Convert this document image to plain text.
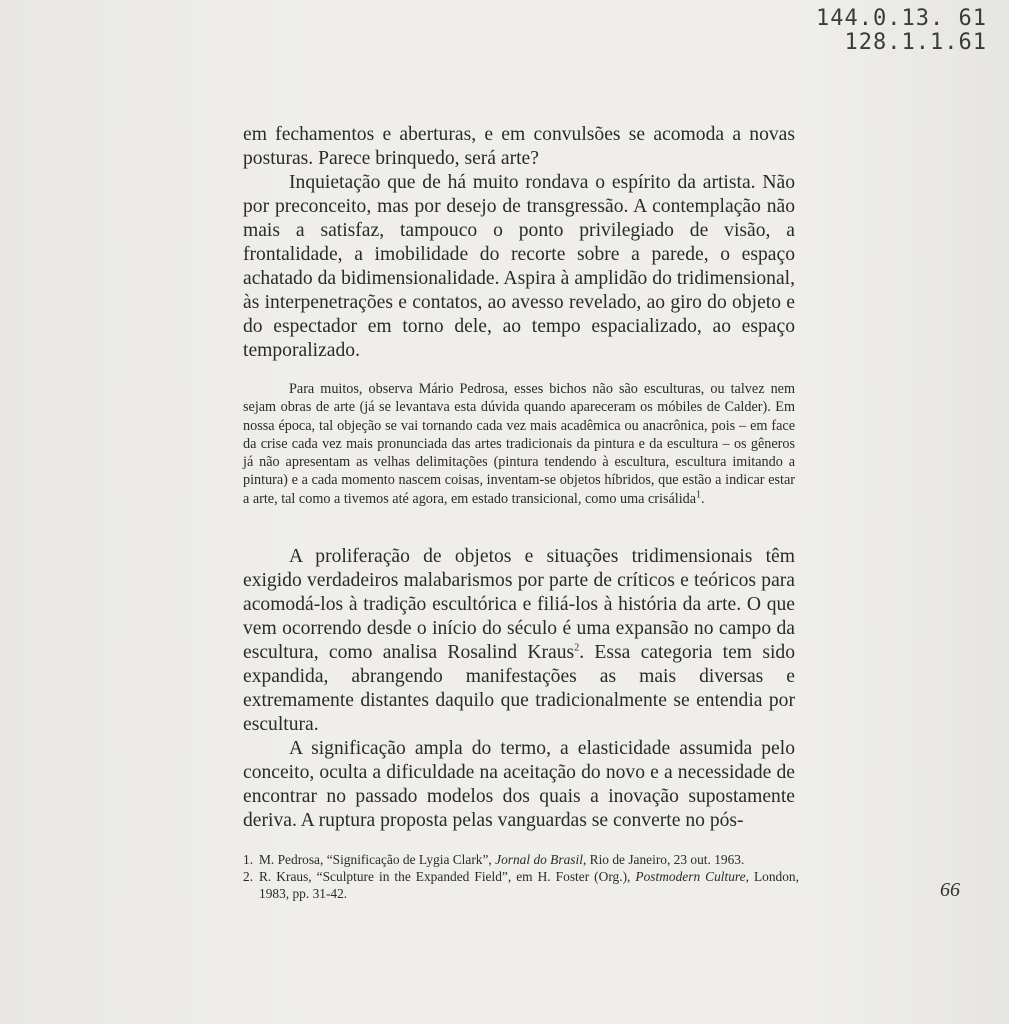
144.0.13. 61
128.1.1.61

em fechamentos e aberturas, e em convulsões se acomoda a novas posturas. Parece brinquedo, será arte?

Inquietação que de há muito rondava o espírito da artista. Não por preconceito, mas por desejo de transgressão. A contemplação não mais a satisfaz, tampouco o ponto privilegiado de visão, a frontalidade, a imobilidade do recorte sobre a parede, o espaço achatado da bidimensionalidade. Aspira à amplidão do tridimensional, às interpenetrações e contatos, ao avesso revelado, ao giro do objeto e do espectador em torno dele, ao tempo espacializado, ao espaço temporalizado.

Para muitos, observa Mário Pedrosa, esses bichos não são esculturas, ou talvez nem sejam obras de arte (já se levantava esta dúvida quando apareceram os móbiles de Calder). Em nossa época, tal objeção se vai tornando cada vez mais acadêmica ou anacrônica, pois – em face da crise cada vez mais pronunciada das artes tradicionais da pintura e da escultura – os gêneros já não apresentam as velhas delimitações (pintura tendendo à escultura, escultura imitando a pintura) e a cada momento nascem coisas, inventam-se objetos híbridos, que estão a indicar estar a arte, tal como a tivemos até agora, em estado transicional, como uma crisálida$^1$.

A proliferação de objetos e situações tridimensionais têm exigido verdadeiros malabarismos por parte de críticos e teóricos para acomodá-los à tradição escultórica e filiá-los à história da arte. O que vem ocorrendo desde o início do século é uma expansão no campo da escultura, como analisa Rosalind Kraus$^2$. Essa categoria tem sido expandida, abrangendo manifestações as mais diversas e extremamente distantes daquilo que tradicionalmente se entendia por escultura.

A significação ampla do termo, a elasticidade assumida pelo conceito, oculta a dificuldade na aceitação do novo e a necessidade de encontrar no passado modelos dos quais a inovação supostamente deriva. A ruptura proposta pelas vanguardas se converte no pós-

1. M. Pedrosa, “Significação de Lygia Clark”, Jornal do Brasil, Rio de Janeiro, 23 out. 1963.

2. R. Kraus, “Sculpture in the Expanded Field”, em H. Foster (Org.), Postmodern Culture, London, 1983, pp. 31-42.	66
